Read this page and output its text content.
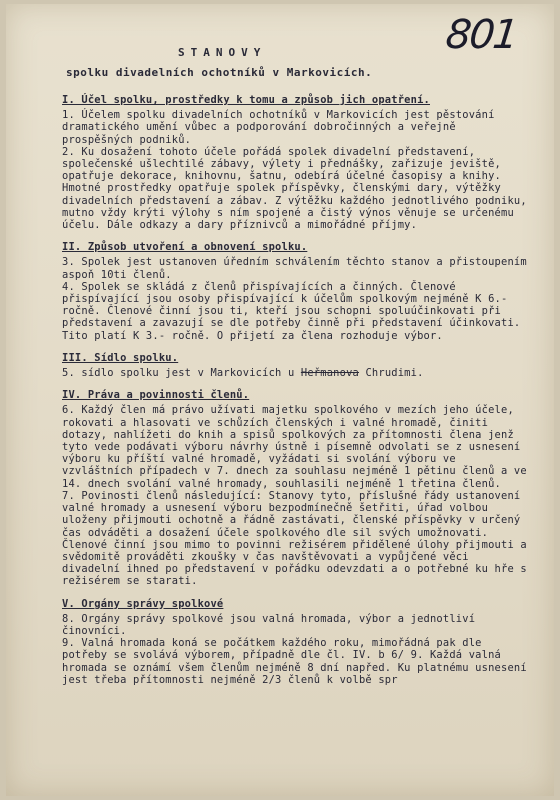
801
STANOVY
spolku divadelních ochotníků v Markovicích.
I. Účel spolku, prostředky k tomu a způsob jich opatření.

1. Účelem spolku divadelních ochotníků v Markovicích jest pěstování dramatického umění vůbec a podporování dobročinných a veřejně prospěšných podniků.

2. Ku dosažení tohoto účele pořádá spolek divadelní představení, společenské ušlechtilé zábavy, výlety i přednášky, zařizuje jeviště, opatřuje dekorace, knihovnu, šatnu, odebírá účelné časopisy a knihy. Hmotné prostředky opatřuje spolek příspěvky, členskými dary, výtěžky divadelních představení a zábav. Z výtěžku každého jednotlivého podniku, mutno vždy krýti výlohy s ním spojené a čistý výnos věnuje se určenému účelu. Dále odkazy a dary příznivců a mimořádné příjmy.

II. Způsob utvoření a obnovení spolku.

3. Spolek jest ustanoven úředním schválením těchto stanov a přistoupením aspoň 10ti členů.

4. Spolek se skládá z členů přispívajících a činných. Členové přispívající jsou osoby přispívající k účelům spolkovým nejméně K 6.- ročně. Členové činní jsou ti, kteří jsou schopni spoluúčinkovati při představení a zavazují se dle potřeby činně při představení účinkovati. Tito platí K 3.- ročně. O přijetí za člena rozhoduje výbor.

III. Sídlo spolku.

5. sídlo spolku jest v Markovicích u Heřmanova Chrudimi.

IV. Práva a povinnosti členů.

6. Každý člen má právo užívati majetku spolkového v mezích jeho účele, rokovati a hlasovati ve schůzích členských i valné hromadě, činiti dotazy, nahlížeti do knih a spisů spolkových za přítomnosti člena jenž tyto vede podávati výboru návrhy ústně i písemně odvolati se z usnesení výboru ku příští valné hromadě, vyžádati si svolání výboru ve vzvláštních případech v 7. dnech za souhlasu nejméně 1 pětinu členů a ve 14. dnech svolání valné hromady, souhlasili nejméně 1 třetina členů.

7. Povinosti členů následující: Stanovy tyto, příslušné řády ustanovení valné hromady a usnesení výboru bezpodmínečně šetřiti, úřad volbou uloženy přijmouti ochotně a řádně zastávati, členské příspěvky v určený čas odváděti a dosažení účele spolkového dle sil svých umožnovati. Členové činní jsou mimo to povinni režisérem přidělené úlohy přijmouti a svědomitě prováděti zkoušky v čas navštěvovati a vypůjčené věci divadelní ihned po představení v pořádku odevzdati a o potřebné ku hře s režisérem se starati.

V. Orgány správy spolkové

8. Orgány správy spolkové jsou valná hromada, výbor a jednotliví činovníci.

9. Valná hromada koná se počátkem každého roku, mimořádná pak dle potřeby se svolává výborem, případně dle čl. IV. b 6/ 9. Každá valná hromada se oznámí všem členům nejméně 8 dní napřed. Ku platnému usnesení jest třeba přítomnosti nejméně 2/3 členů k volbě spr
